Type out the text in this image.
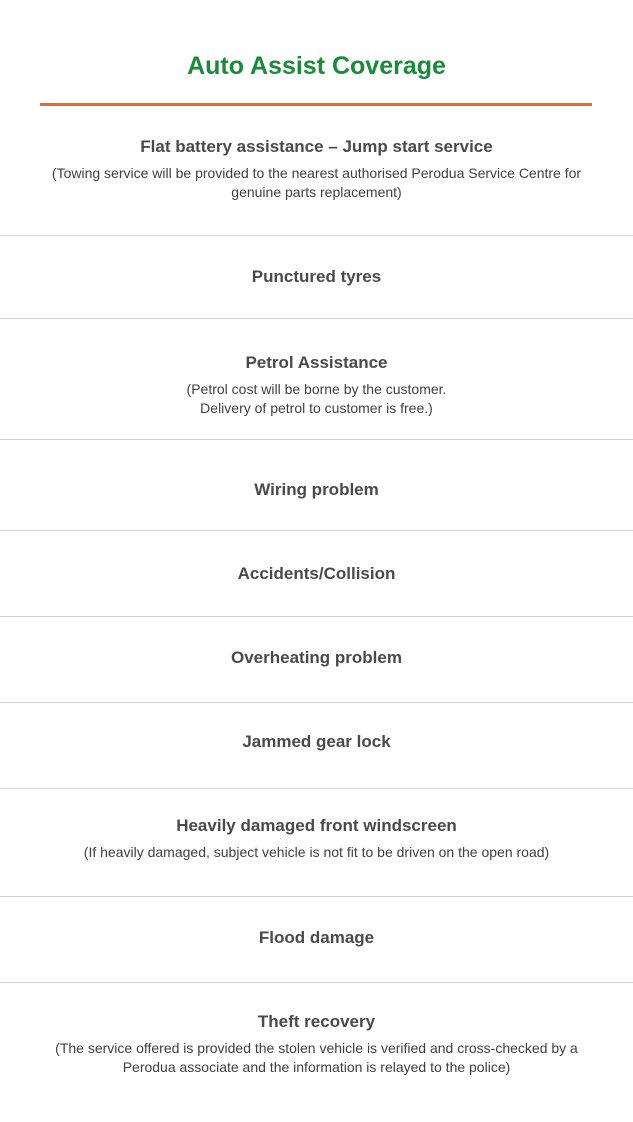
Auto Assist Coverage
Flat battery assistance – Jump start service
(Towing service will be provided to the nearest authorised Perodua Service Centre for genuine parts replacement)
Punctured tyres
Petrol Assistance
(Petrol cost will be borne by the customer. Delivery of petrol to customer is free.)
Wiring problem
Accidents/Collision
Overheating problem
Jammed gear lock
Heavily damaged front windscreen
(If heavily damaged, subject vehicle is not fit to be driven on the open road)
Flood damage
Theft recovery
(The service offered is provided the stolen vehicle is verified and cross-checked by a Perodua associate and the information is relayed to the police)
